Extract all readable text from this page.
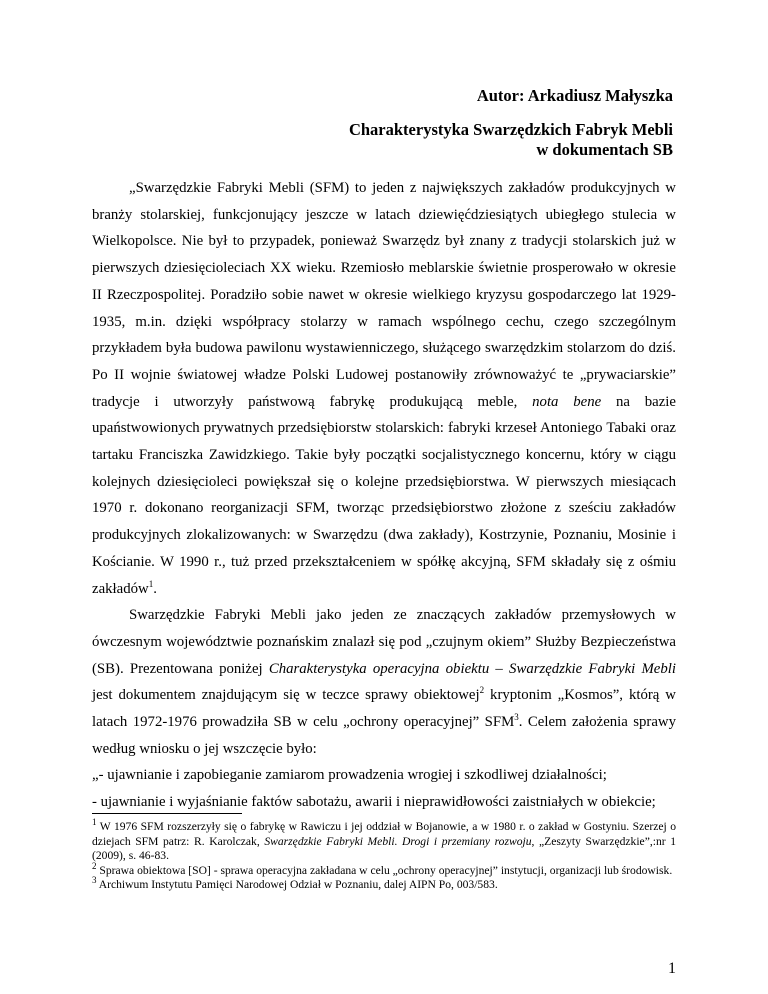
Autor: Arkadiusz Małyszka
Charakterystyka Swarzędzkich Fabryk Mebli
w dokumentach SB

„Swarzędzkie Fabryki Mebli (SFM) to jeden z największych zakładów produkcyjnych w branży stolarskiej, funkcjonujący jeszcze w latach dziewięćdziesiątych ubiegłego stulecia w Wielkopolsce. Nie był to przypadek, ponieważ Swarzędz był znany z tradycji stolarskich już w pierwszych dziesięcioleciach XX wieku. Rzemiosło meblarskie świetnie prosperowało w okresie II Rzeczpospolitej. Poradziło sobie nawet w okresie wielkiego kryzysu gospodarczego lat 1929-1935, m.in. dzięki współpracy stolarzy w ramach wspólnego cechu, czego szczególnym przykładem była budowa pawilonu wystawienniczego, służącego swarzędzkim stolarzom do dziś. Po II wojnie światowej władze Polski Ludowej postanowiły zrównoważyć te „prywaciarskie” tradycje i utworzyły państwową fabrykę produkującą meble, nota bene na bazie upaństwowionych prywatnych przedsiębiorstw stolarskich: fabryki krzeseł Antoniego Tabaki oraz tartaku Franciszka Zawidzkiego. Takie były początki socjalistycznego koncernu, który w ciągu kolejnych dziesięcioleci powiększał się o kolejne przedsiębiorstwa. W pierwszych miesiącach 1970 r. dokonano reorganizacji SFM, tworząc przedsiębiorstwo złożone z sześciu zakładów produkcyjnych zlokalizowanych: w Swarzędzu (dwa zakłady), Kostrzynie, Poznaniu, Mosinie i Kościanie. W 1990 r., tuż przed przekształceniem w spółkę akcyjną, SFM składały się z ośmiu zakładów$^1$.

Swarzędzkie Fabryki Mebli jako jeden ze znaczących zakładów przemysłowych w ówczesnym województwie poznańskim znalazł się pod „czujnym okiem” Służby Bezpieczeństwa (SB). Prezentowana poniżej Charakterystyka operacyjna obiektu – Swarzędzkie Fabryki Mebli jest dokumentem znajdującym się w teczce sprawy obiektowej$^2$ kryptonim „Kosmos”, którą w latach 1972-1976 prowadziła SB w celu „ochrony operacyjnej” SFM$^3$. Celem założenia sprawy według wniosku o jej wszczęcie było:

„- ujawnianie i zapobieganie zamiarom prowadzenia wrogiej i szkodliwej działalności;

- ujawnianie i wyjaśnianie faktów sabotażu, awarii i nieprawidłowości zaistniałych w obiekcie;

$^1$ W 1976 SFM rozszerzyły się o fabrykę w Rawiczu i jej oddział w Bojanowie, a w 1980 r. o zakład w Gostyniu. Szerzej o dziejach SFM patrz: R. Karolczak, Swarzędzkie Fabryki Mebli. Drogi i przemiany rozwoju, „Zeszyty Swarzędzkie”,:nr 1 (2009), s. 46-83.

$^2$ Sprawa obiektowa [SO] - sprawa operacyjna zakładana w celu „ochrony operacyjnej” instytucji, organizacji lub środowisk.

$^3$ Archiwum Instytutu Pamięci Narodowej Odział w Poznaniu, dalej AIPN Po, 003/583.

1
